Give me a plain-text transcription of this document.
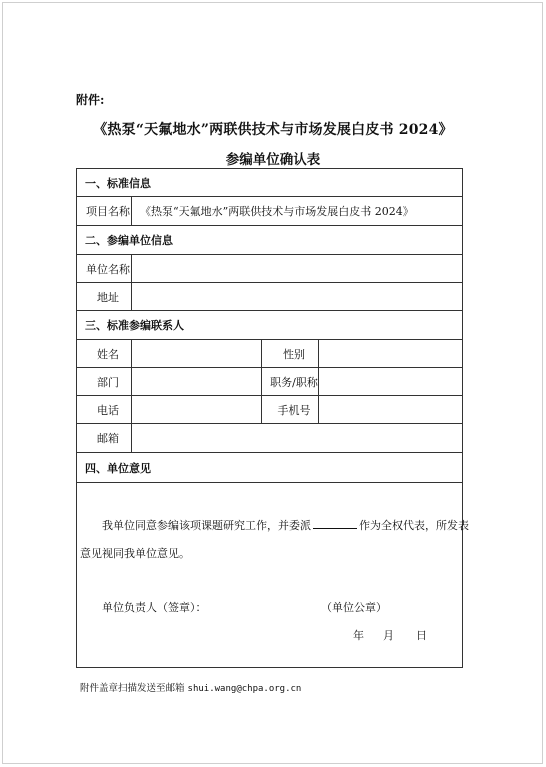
附件:
《热泵“天氟地水”两联供技术与市场发展白皮书 2024》
参编单位确认表
一、标准信息			
项目名称	《热泵“天氟地水”两联供技术与市场发展白皮书 2024》		
二、参编单位信息			
单位名称			
地址			
三、标准参编联系人			
姓名		性别	
部门		职务/职称	
电话		手机号	
邮箱			
四、单位意见			

我单位同意参编该项课题研究工作，并委派	作为全权代表，所发表
意见视同我单位意见。
单位负责人（签章）：	（单位公章）
年 月 日
附件盖章扫描发送至邮箱 shui.wang@chpa.org.cn
